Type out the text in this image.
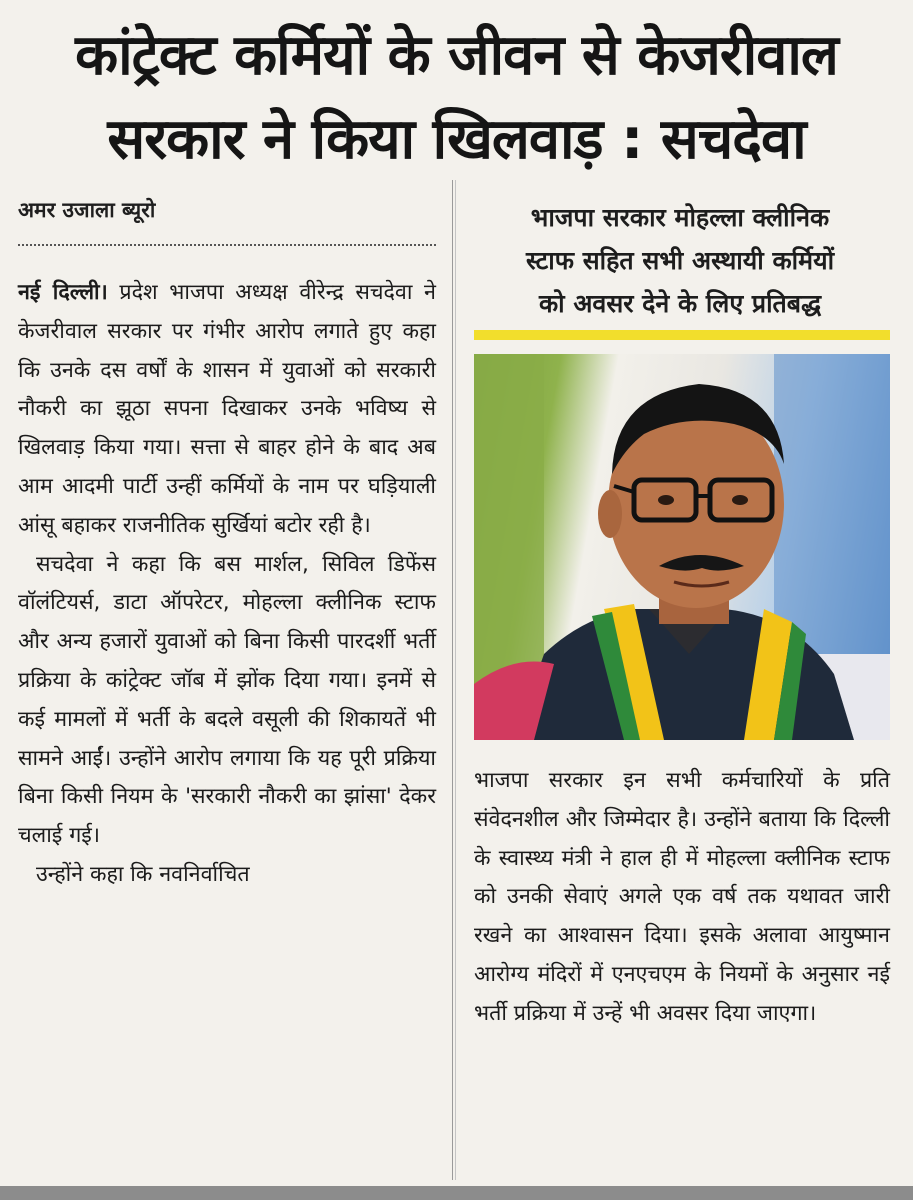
कांट्रेक्ट कर्मियों के जीवन से केजरीवाल
सरकार ने किया खिलवाड़ : सचदेवा
अमर उजाला ब्यूरो

नई दिल्ली। प्रदेश भाजपा अध्यक्ष वीरेन्द्र सचदेवा ने केजरीवाल सरकार पर गंभीर आरोप लगाते हुए कहा कि उनके दस वर्षों के शासन में युवाओं को सरकारी नौकरी का झूठा सपना दिखाकर उनके भविष्य से खिलवाड़ किया गया। सत्ता से बाहर होने के बाद अब आम आदमी पार्टी उन्हीं कर्मियों के नाम पर घड़ियाली आंसू बहाकर राजनीतिक सुर्खियां बटोर रही है।

सचदेवा ने कहा कि बस मार्शल, सिविल डिफेंस वॉलंटियर्स, डाटा ऑपरेटर, मोहल्ला क्लीनिक स्टाफ और अन्य हजारों युवाओं को बिना किसी पारदर्शी भर्ती प्रक्रिया के कांट्रेक्ट जॉब में झोंक दिया गया। इनमें से कई मामलों में भर्ती के बदले वसूली की शिकायतें भी सामने आईं। उन्होंने आरोप लगाया कि यह पूरी प्रक्रिया बिना किसी नियम के 'सरकारी नौकरी का झांसा' देकर चलाई गई।

उन्होंने कहा कि नवनिर्वाचित

भाजपा सरकार मोहल्ला क्लीनिक
स्टाफ सहित सभी अस्थायी कर्मियों
को अवसर देने के लिए प्रतिबद्ध

भाजपा सरकार इन सभी कर्मचारियों के प्रति संवेदनशील और जिम्मेदार है। उन्होंने बताया कि दिल्ली के स्वास्थ्य मंत्री ने हाल ही में मोहल्ला क्लीनिक स्टाफ को उनकी सेवाएं अगले एक वर्ष तक यथावत जारी रखने का आश्वासन दिया। इसके अलावा आयुष्मान आरोग्य मंदिरों में एनएचएम के नियमों के अनुसार नई भर्ती प्रक्रिया में उन्हें भी अवसर दिया जाएगा।
